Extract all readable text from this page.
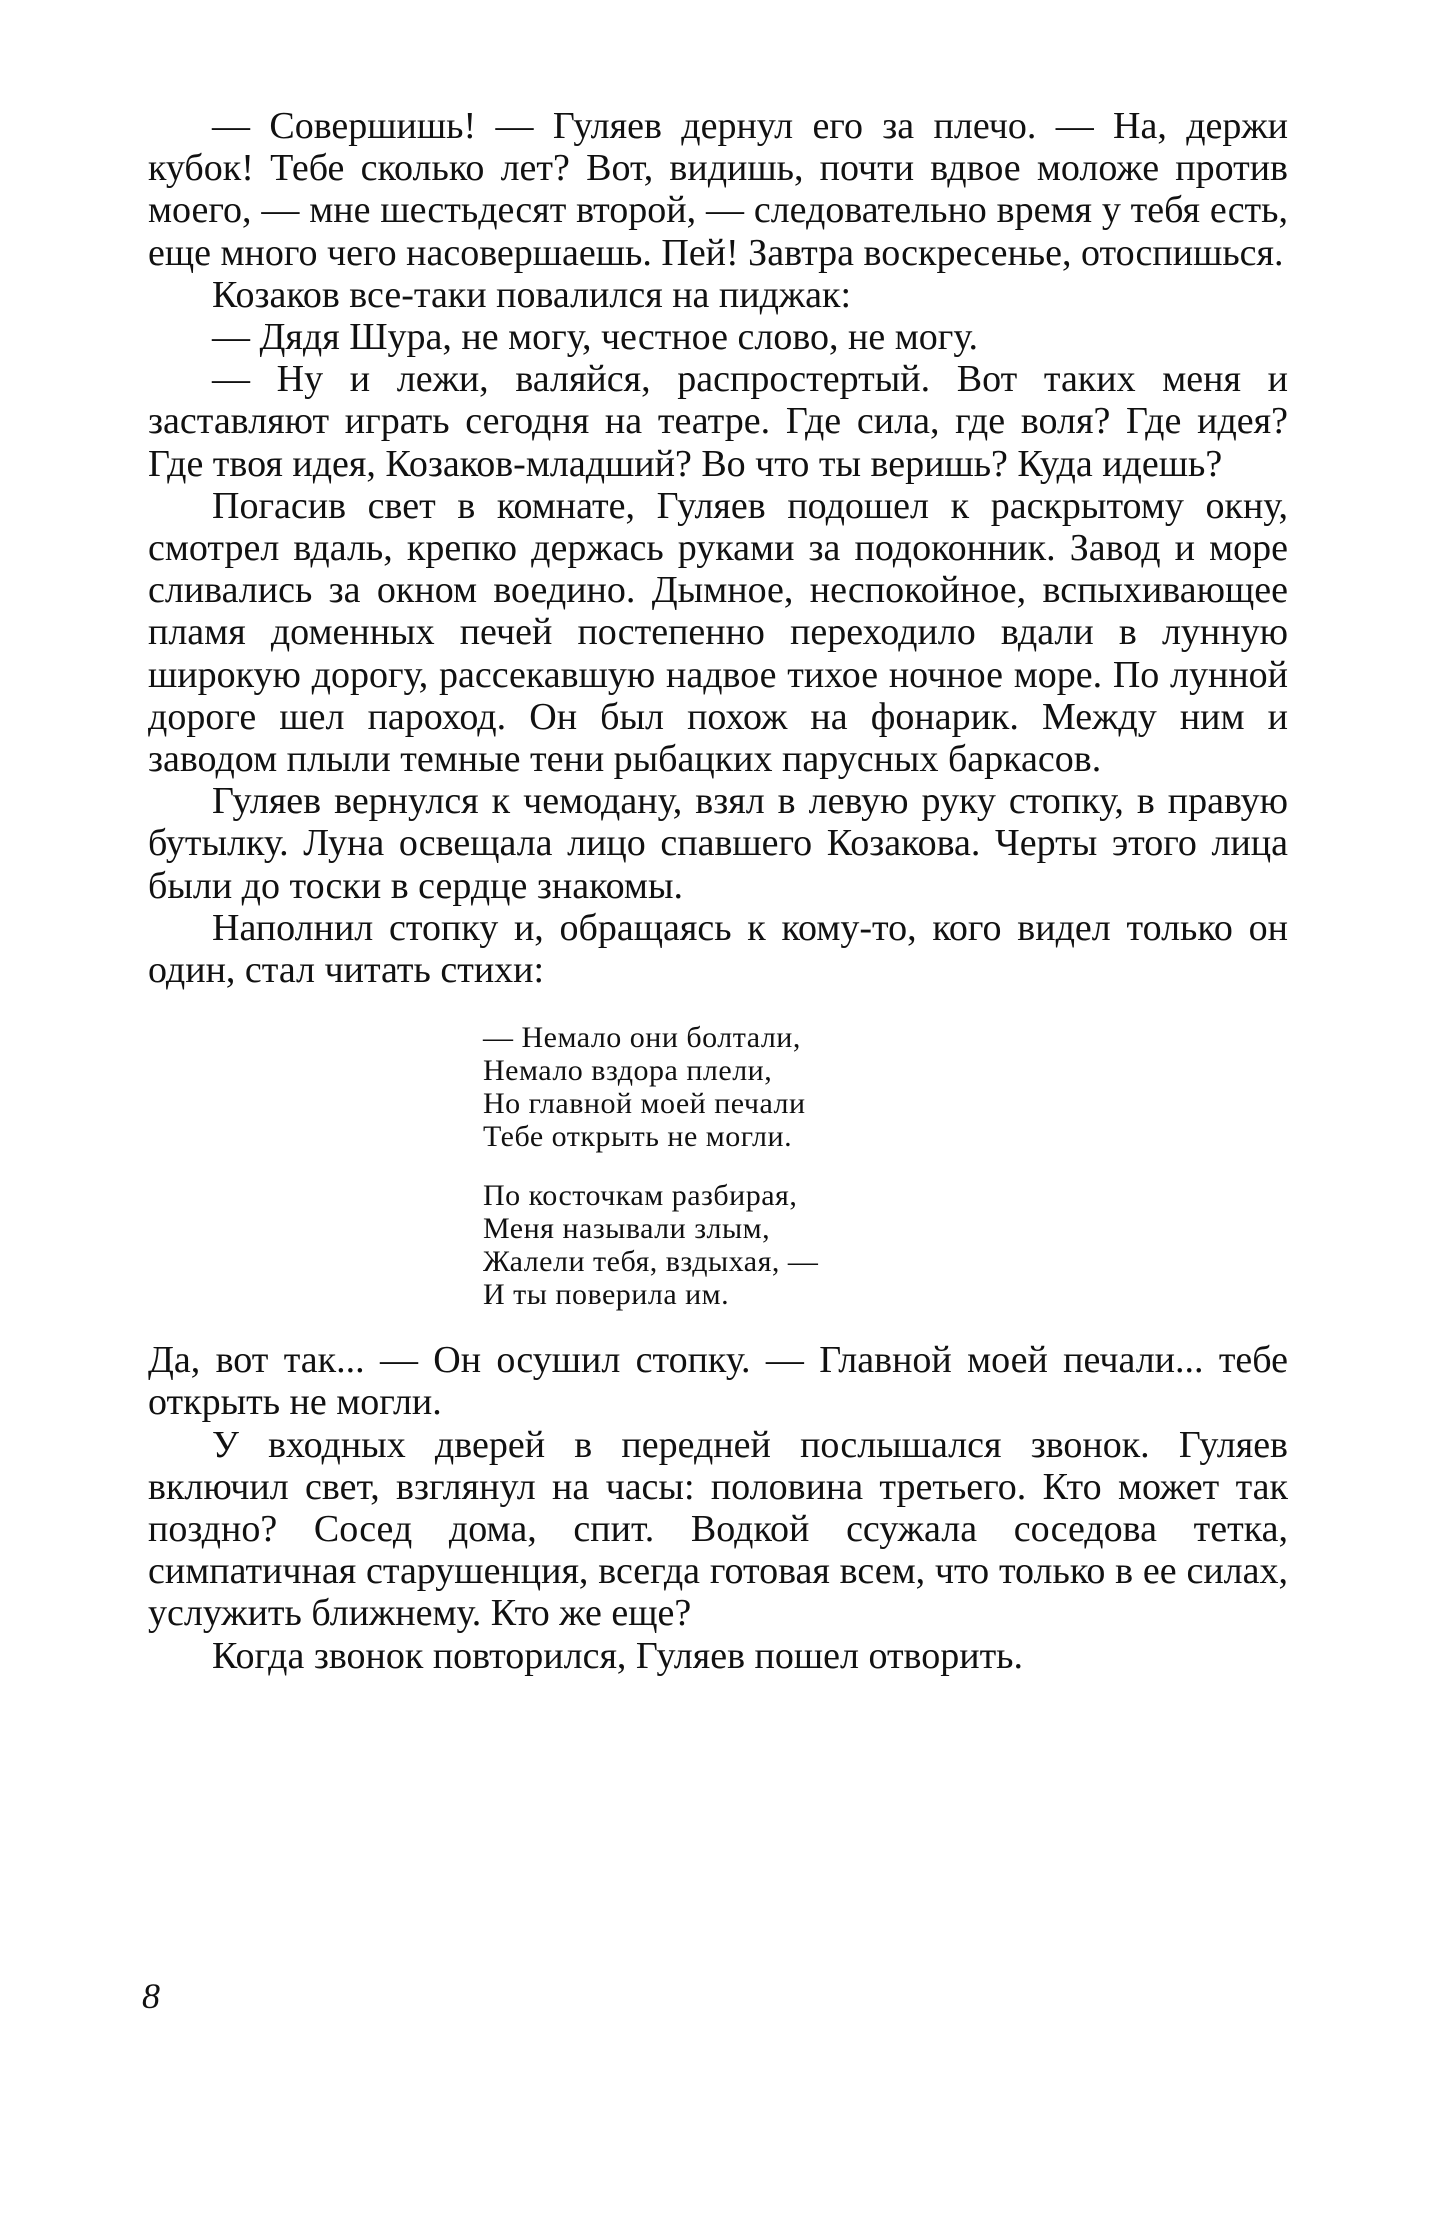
— Совершишь! — Гуляев дернул его за плечо. — На, держи кубок! Тебе сколько лет? Вот, видишь, почти вдвое моложе против моего, — мне шестьдесят второй, — следовательно время у тебя есть, еще много чего насовершаешь. Пей! Завтра воскресенье, отоспишься.

Козаков все-таки повалился на пиджак:

— Дядя Шура, не могу, честное слово, не могу.

— Ну и лежи, валяйся, распростертый. Вот таких меня и заставляют играть сегодня на театре. Где сила, где воля? Где идея? Где твоя идея, Козаков-младший? Во что ты веришь? Куда идешь?

Погасив свет в комнате, Гуляев подошел к раскрытому окну, смотрел вдаль, крепко держась руками за подоконник. Завод и море сливались за окном воедино. Дымное, неспокойное, вспыхивающее пламя доменных печей постепенно переходило вдали в лунную широкую дорогу, рассекавшую надвое тихое ночное море. По лунной дороге шел пароход. Он был похож на фонарик. Между ним и заводом плыли темные тени рыбацких парусных баркасов.

Гуляев вернулся к чемодану, взял в левую руку стопку, в правую бутылку. Луна освещала лицо спавшего Козакова. Черты этого лица были до тоски в сердце знакомы.

Наполнил стопку и, обращаясь к кому-то, кого видел только он один, стал читать стихи:

— Немало они болтали,
Немало вздора плели,
Но главной моей печали
Тебе открыть не могли.
По косточкам разбирая,
Меня называли злым,
Жалели тебя, вздыхая, —
И ты поверила им.

Да, вот так... — Он осушил стопку. — Главной моей печали... тебе открыть не могли.

У входных дверей в передней послышался звонок. Гуляев включил свет, взглянул на часы: половина третьего. Кто может так поздно? Сосед дома, спит. Водкой ссужала соседова тетка, симпатичная старушенция, всегда готовая всем, что только в ее силах, услужить ближнему. Кто же еще?

Когда звонок повторился, Гуляев пошел отворить.

8
